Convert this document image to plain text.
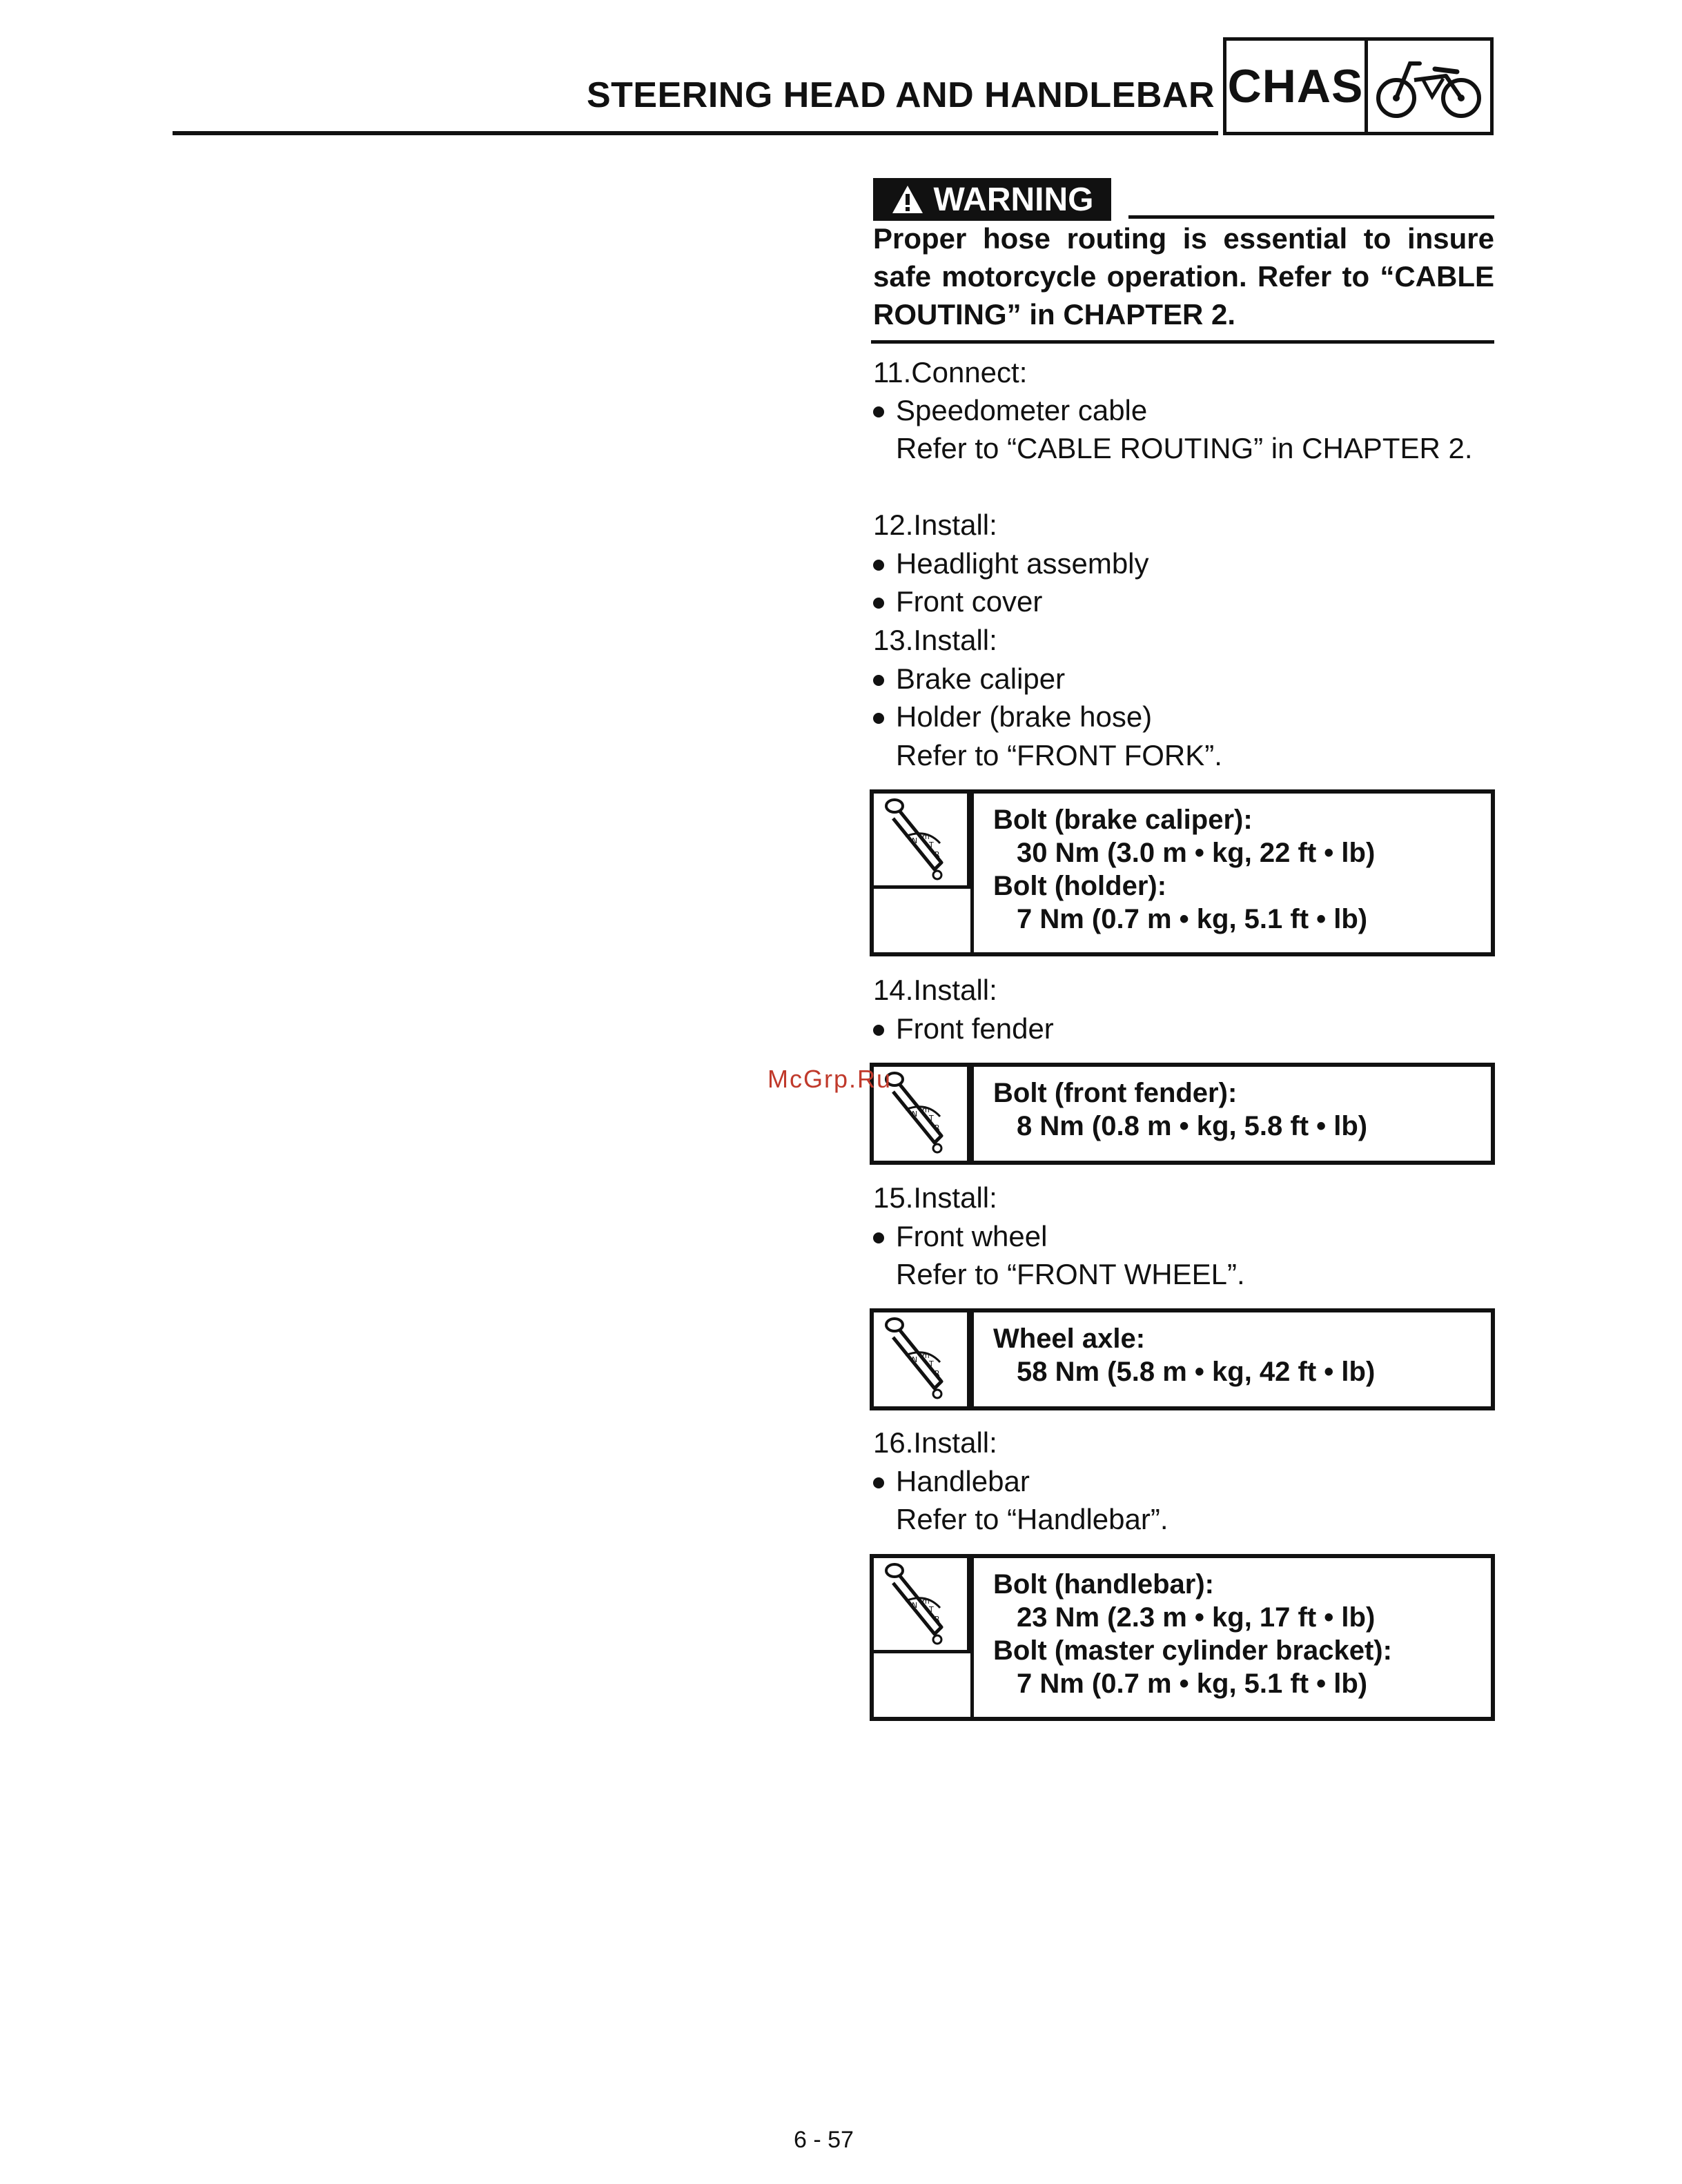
STEERING HEAD AND HANDLEBAR CHAS
WARNING
Proper hose routing is essential to insure safe motorcycle operation. Refer to “CABLE ROUTING” in CHAPTER 2.
11.Connect:
Speedometer cable
Refer to “CABLE ROUTING” in CHAPTER 2.
12.Install:
Headlight assembly
Front cover
13.Install:
Brake caliper
Holder (brake hose)
Refer to “FRONT FORK”.
Bolt (brake caliper):
30 Nm (3.0 m • kg, 22 ft • lb)
Bolt (holder):
7 Nm (0.7 m • kg, 5.1 ft • lb)
14.Install:
Front fender
Bolt (front fender):
8 Nm (0.8 m • kg, 5.8 ft • lb)
15.Install:
Front wheel
Refer to “FRONT WHEEL”.
Wheel axle:
58 Nm (5.8 m • kg, 42 ft • lb)
16.Install:
Handlebar
Refer to “Handlebar”.
Bolt (handlebar):
23 Nm (2.3 m • kg, 17 ft • lb)
Bolt (master cylinder bracket):
7 Nm (0.7 m • kg, 5.1 ft • lb)
McGrp.Ru
6 - 57
